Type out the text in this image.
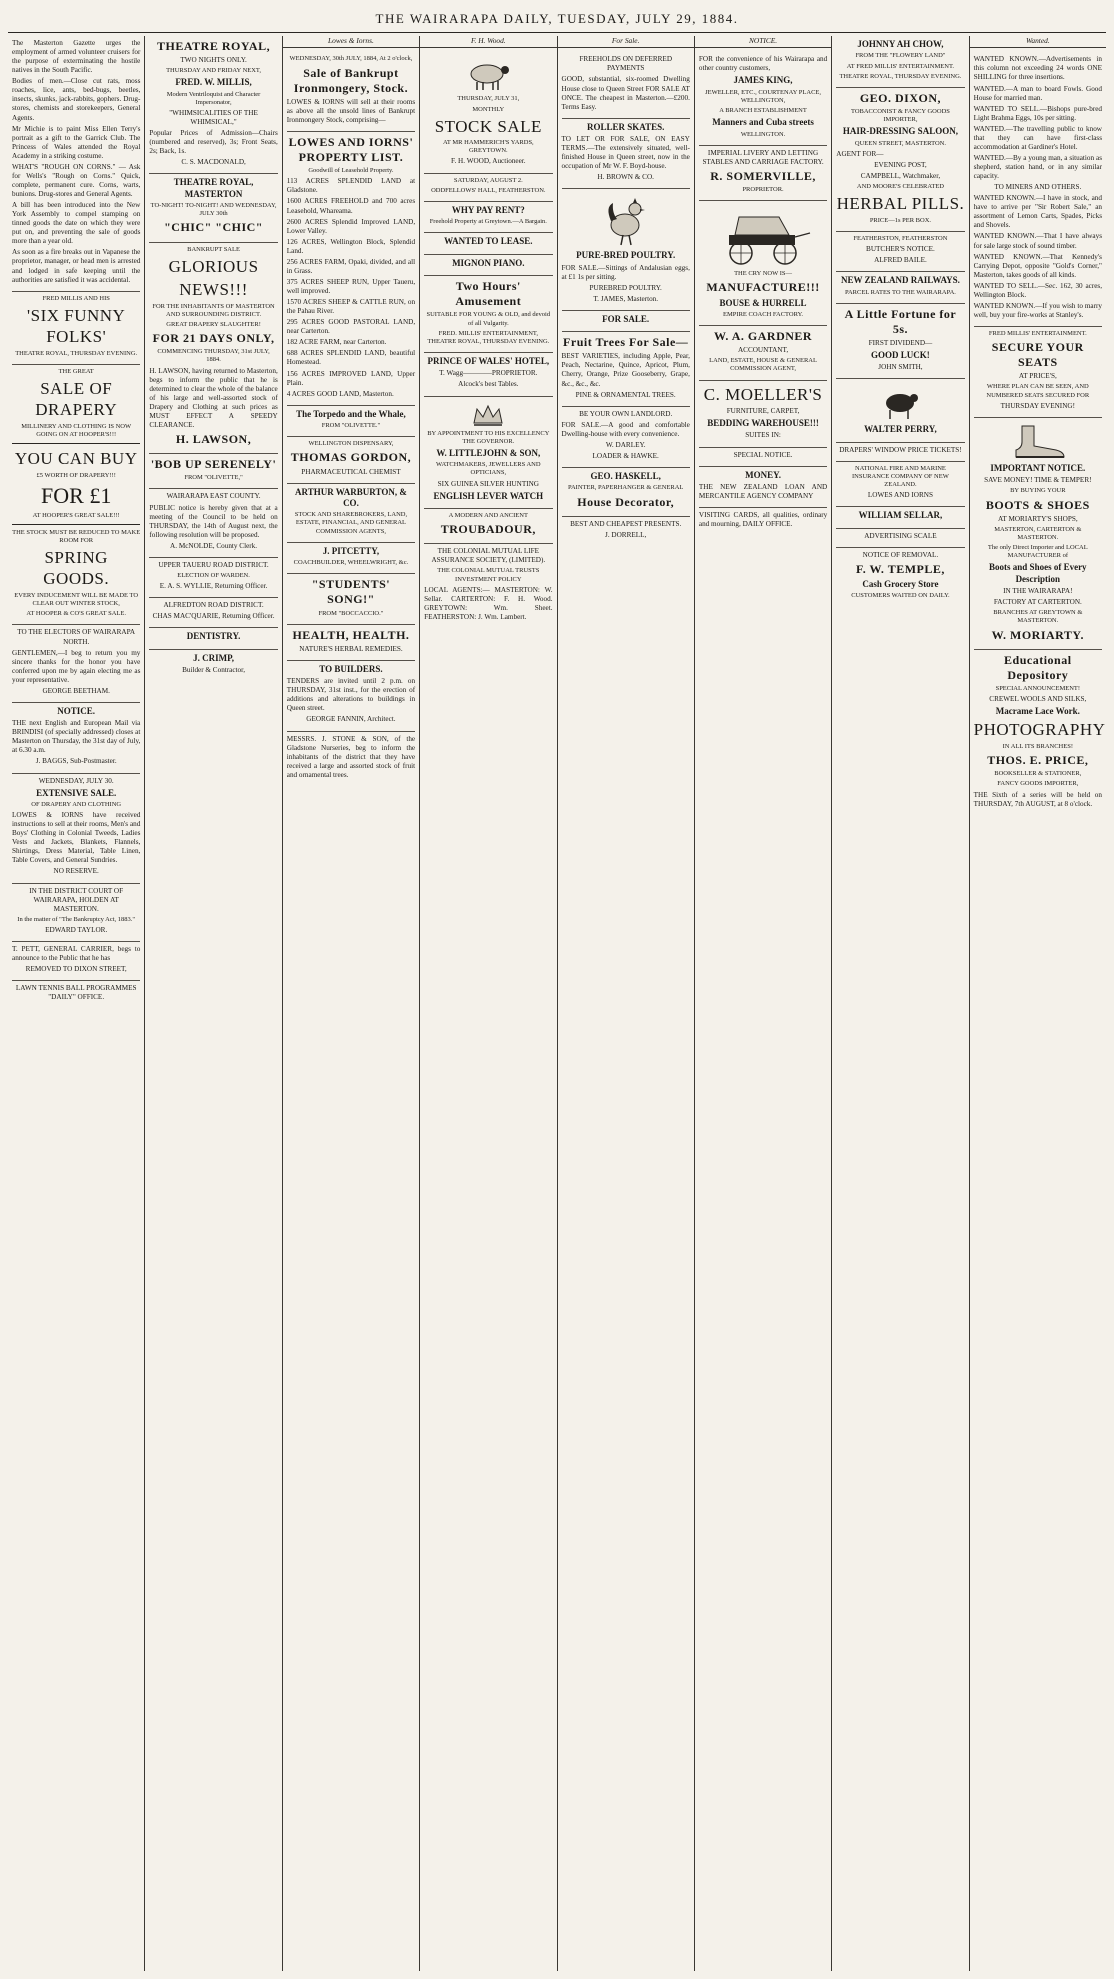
THE WAIRARAPA DAILY, TUESDAY, JULY 29, 1884.

The Masterton Gazette urges the employment of armed volunteer cruisers for the purpose of exterminating the hostile natives in the South Pacific.

Bodies of men.—Close cut rats, moss roaches, lice, ants, bed-bugs, beetles, insects, skunks, jack-rabbits, gophers. Drug-stores, chemists and storekeepers, General Agents.

Mr Michie is to paint Miss Ellen Terry's portrait as a gift to the Garrick Club. The Princess of Wales attended the Royal Academy in a striking costume.

WHAT'S "ROUGH ON CORNS." — Ask for Wells's "Rough on Corns." Quick, complete, permanent cure. Corns, warts, bunions. Drug-stores and General Agents.

A bill has been introduced into the New York Assembly to compel stamping on tinned goods the date on which they were put on, and preventing the sale of goods more than a year old.

As soon as a fire breaks out in Vapanese the proprietor, manager, or head men is arrested and lodged in safe keeping until the authorities are satisfied it was accidental.

FRED MILLIS AND HIS

'SIX FUNNY FOLKS'

THEATRE ROYAL, THURSDAY EVENING.

THE GREAT

SALE OF DRAPERY

MILLINERY AND CLOTHING IS NOW GOING ON AT HOOPER'S!!!

YOU CAN BUY

£5 WORTH OF DRAPERY!!!

FOR £1

AT HOOPER'S GREAT SALE!!!

THE STOCK MUST BE REDUCED TO MAKE ROOM FOR

SPRING GOODS.

EVERY INDUCEMENT WILL BE MADE TO CLEAR OUT WINTER STOCK,

AT HOOPER & CO'S GREAT SALE.

TO THE ELECTORS OF WAIRARAPA NORTH.

GENTLEMEN,—I beg to return you my sincere thanks for the honor you have conferred upon me by again electing me as your representative.

GEORGE BEETHAM.

NOTICE.

THE next English and European Mail via BRINDISI (of specially addressed) closes at Masterton on Thursday, the 31st day of July, at 6.30 a.m.

J. BAGGS, Sub-Postmaster.

WEDNESDAY, JULY 30.

EXTENSIVE SALE.

OF DRAPERY AND CLOTHING

LOWES & IORNS have received instructions to sell at their rooms, Men's and Boys' Clothing in Colonial Tweeds, Ladies Vests and Jackets, Blankets, Flannels, Shirtings, Dress Material, Table Linen, Table Covers, and General Sundries.

NO RESERVE.

IN THE DISTRICT COURT OF WAIRARAPA, HOLDEN AT MASTERTON.

In the matter of "The Bankruptcy Act, 1883."

EDWARD TAYLOR.

T. PETT, GENERAL CARRIER, begs to announce to the Public that he has

REMOVED TO DIXON STREET,

LAWN TENNIS BALL PROGRAMMES "DAILY" OFFICE.

THEATRE ROYAL,

TWO NIGHTS ONLY.

THURSDAY AND FRIDAY NEXT,

FRED. W. MILLIS,

Modern Ventriloquist and Character Impersonator,

"WHIMSICALITIES OF THE WHIMSICAL,"

Popular Prices of Admission—Chairs (numbered and reserved), 3s; Front Seats, 2s; Back, 1s.

C. S. MACDONALD,

THEATRE ROYAL, MASTERTON

TO-NIGHT! TO-NIGHT! AND WEDNESDAY, JULY 30th

"CHIC" "CHIC"

BANKRUPT SALE

GLORIOUS

NEWS!!!

FOR THE INHABITANTS OF MASTERTON AND SURROUNDING DISTRICT.

GREAT DRAPERY SLAUGHTER!

FOR 21 DAYS ONLY,

COMMENCING THURSDAY, 31st JULY, 1884.

H. LAWSON, having returned to Masterton, begs to inform the public that he is determined to clear the whole of the balance of his large and well-assorted stock of Drapery and Clothing at such prices as MUST EFFECT A SPEEDY CLEARANCE.

H. LAWSON,

'BOB UP SERENELY'

FROM "OLIVETTE,"

WAIRARAPA EAST COUNTY.

PUBLIC notice is hereby given that at a meeting of the Council to be held on THURSDAY, the 14th of August next, the following resolution will be proposed.

A. McNOLDE, County Clerk.

UPPER TAUERU ROAD DISTRICT.

ELECTION OF WARDEN.

E. A. S. WYLLIE, Returning Officer.

ALFREDTON ROAD DISTRICT.

CHAS MAC'QUARIE, Returning Officer.

DENTISTRY.

J. CRIMP,

Builder & Contractor,

Lowes & Iorns.

WEDNESDAY, 30th JULY, 1884, At 2 o'clock,

Sale of Bankrupt Ironmongery, Stock.

LOWES & IORNS will sell at their rooms as above all the unsold lines of Bankrupt Ironmongery Stock, comprising—

LOWES AND IORNS' PROPERTY LIST.

Goodwill of Leasehold Property.

113 ACRES SPLENDID LAND at Gladstone.

1600 ACRES FREEHOLD and 700 acres Leasehold, Whareama.

2600 ACRES Splendid Improved LAND, Lower Valley.

126 ACRES, Wellington Block, Splendid Land.

256 ACRES FARM, Opaki, divided, and all in Grass.

375 ACRES SHEEP RUN, Upper Taueru, well improved.

1570 ACRES SHEEP & CATTLE RUN, on the Pahau River.

295 ACRES GOOD PASTORAL LAND, near Carterton.

182 ACRE FARM, near Carterton.

688 ACRES SPLENDID LAND, beautiful Homestead.

156 ACRES IMPROVED LAND, Upper Plain.

4 ACRES GOOD LAND, Masterton.

The Torpedo and the Whale,

FROM "OLIVETTE."

WELLINGTON DISPENSARY,

THOMAS GORDON,

PHARMACEUTICAL CHEMIST

ARTHUR WARBURTON, & CO.

STOCK AND SHAREBROKERS, LAND, ESTATE, FINANCIAL, AND GENERAL COMMISSION AGENTS,

J. PITCETTY,

COACHBUILDER, WHEELWRIGHT, &c.

"STUDENTS' SONG!"

FROM "BOCCACCIO."

HEALTH, HEALTH.

NATURE'S HERBAL REMEDIES.

TO BUILDERS.

TENDERS are invited until 2 p.m. on THURSDAY, 31st inst., for the erection of additions and alterations to buildings in Queen street.

GEORGE FANNIN, Architect.

MESSRS. J. STONE & SON, of the Gladstone Nurseries, beg to inform the inhabitants of the district that they have received a large and assorted stock of fruit and ornamental trees.

F. H. Wood.

THURSDAY, JULY 31,

MONTHLY

STOCK SALE

AT MR HAMMERICH'S YARDS, GREYTOWN.

F. H. WOOD, Auctioneer.

SATURDAY, AUGUST 2.

ODDFELLOWS' HALL, FEATHERSTON.

WHY PAY RENT?

Freehold Property at Greytown.—A Bargain.

WANTED TO LEASE.

MIGNON PIANO.

Two Hours' Amusement

SUITABLE FOR YOUNG & OLD, and devoid of all Vulgarity.

FRED. MILLIS' ENTERTAINMENT, THEATRE ROYAL, THURSDAY EVENING.

PRINCE OF WALES' HOTEL,

T. Wagg————PROPRIETOR.

Alcock's best Tables.

BY APPOINTMENT TO HIS EXCELLENCY THE GOVERNOR.

W. LITTLEJOHN & SON,

WATCHMAKERS, JEWELLERS AND OPTICIANS,

SIX GUINEA SILVER HUNTING

ENGLISH LEVER WATCH

A MODERN AND ANCIENT

TROUBADOUR,

THE COLONIAL MUTUAL LIFE ASSURANCE SOCIETY, (LIMITED).

THE COLONIAL MUTUAL TRUSTS INVESTMENT POLICY

LOCAL AGENTS:— MASTERTON: W. Sellar. CARTERTON: F. H. Wood. GREYTOWN: Wm. Sheet. FEATHERSTON: J. Wm. Lambert.

For Sale.

FREEHOLDS ON DEFERRED PAYMENTS

GOOD, substantial, six-roomed Dwelling House close to Queen Street FOR SALE AT ONCE. The cheapest in Masterton.—£200. Terms Easy.

ROLLER SKATES.

TO LET OR FOR SALE, ON EASY TERMS.—The extensively situated, well-finished House in Queen street, now in the occupation of Mr W. F. Boyd-house.

H. BROWN & CO.

PURE-BRED POULTRY.

FOR SALE.—Sittings of Andalusian eggs, at £1 1s per sitting.

PUREBRED POULTRY.

T. JAMES, Masterton.

FOR SALE.

Fruit Trees For Sale—

BEST VARIETIES, including Apple, Pear, Peach, Nectarine, Quince, Apricot, Plum, Cherry, Orange, Prize Gooseberry, Grape, &c., &c., &c.

PINE & ORNAMENTAL TREES.

BE YOUR OWN LANDLORD.

FOR SALE.—A good and comfortable Dwelling-house with every convenience.

W. DARLEY.

LOADER & HAWKE.

GEO. HASKELL,

PAINTER, PAPERHANGER & GENERAL

House Decorator,

BEST AND CHEAPEST PRESENTS.

J. DORRELL,

NOTICE.

FOR the convenience of his Wairarapa and other country customers,

JAMES KING,

JEWELLER, ETC., COURTENAY PLACE, WELLINGTON,

A BRANCH ESTABLISHMENT

Manners and Cuba streets

WELLINGTON.

IMPERIAL LIVERY AND LETTING STABLES AND CARRIAGE FACTORY.

R. SOMERVILLE,

PROPRIETOR.

THE CRY NOW IS—

MANUFACTURE!!!

BOUSE & HURRELL

EMPIRE COACH FACTORY.

W. A. GARDNER

ACCOUNTANT,

LAND, ESTATE, HOUSE & GENERAL COMMISSION AGENT,

C. MOELLER'S

FURNITURE, CARPET,

BEDDING WAREHOUSE!!!

SUITES IN:

SPECIAL NOTICE.

MONEY.

THE NEW ZEALAND LOAN AND MERCANTILE AGENCY COMPANY

VISITING CARDS, all qualities, ordinary and mourning, DAILY OFFICE.

JOHNNY AH CHOW,

FROM THE "FLOWERY LAND"

AT FRED MILLIS' ENTERTAINMENT.

THEATRE ROYAL, THURSDAY EVENING.

GEO. DIXON,

TOBACCONIST & FANCY GOODS IMPORTER,

HAIR-DRESSING SALOON,

QUEEN STREET, MASTERTON.

AGENT FOR—

EVENING POST,

CAMPBELL, Watchmaker,

AND MOORE'S CELEBRATED

HERBAL PILLS.

PRICE—1s PER BOX.

FEATHERSTON, FEATHERSTON

BUTCHER'S NOTICE.

ALFRED BAILE.

NEW ZEALAND RAILWAYS.

PARCEL RATES TO THE WAIRARAPA.

A Little Fortune for 5s.

FIRST DIVIDEND—

GOOD LUCK!

JOHN SMITH,

WALTER PERRY,

DRAPERS' WINDOW PRICE TICKETS!

NATIONAL FIRE AND MARINE INSURANCE COMPANY OF NEW ZEALAND.

LOWES AND IORNS

WILLIAM SELLAR,

ADVERTISING SCALE

NOTICE OF REMOVAL.

F. W. TEMPLE,

Cash Grocery Store

CUSTOMERS WAITED ON DAILY.

Wanted.

WANTED KNOWN.—Advertisements in this column not exceeding 24 words ONE SHILLING for three insertions.

WANTED.—A man to board Fowls. Good House for married man.

WANTED TO SELL.—Bishops pure-bred Light Brahma Eggs, 10s per sitting.

WANTED.—The travelling public to know that they can have first-class accommodation at Gardiner's Hotel.

WANTED.—By a young man, a situation as shepherd, station hand, or in any similar capacity.

TO MINERS AND OTHERS.

WANTED KNOWN.—I have in stock, and have to arrive per "Sir Robert Sale," an assortment of Lemon Carts, Spades, Picks and Shovels.

WANTED KNOWN.—That I have always for sale large stock of sound timber.

WANTED KNOWN.—That Kennedy's Carrying Depot, opposite "Gold's Corner," Masterton, takes goods of all kinds.

WANTED TO SELL.—Sec. 162, 30 acres, Wellington Block.

WANTED KNOWN.—If you wish to marry well, buy your fire-works at Stanley's.

FRED MILLIS' ENTERTAINMENT.

SECURE YOUR SEATS

AT PRICE'S,

WHERE PLAN CAN BE SEEN, AND NUMBERED SEATS SECURED FOR

THURSDAY EVENING!

IMPORTANT NOTICE.

SAVE MONEY! TIME & TEMPER!

BY BUYING YOUR

BOOTS & SHOES

AT MORIARTY'S SHOPS,

MASTERTON, CARTERTON & MASTERTON.

The only Direct Importer and LOCAL MANUFACTURER of

Boots and Shoes of Every Description

IN THE WAIRARAPA!

FACTORY AT CARTERTON.

BRANCHES AT GREYTOWN & MASTERTON.

W. MORIARTY.

Educational Depository

SPECIAL ANNOUNCEMENT!

CREWEL WOOLS AND SILKS,

Macrame Lace Work.

PHOTOGRAPHY

IN ALL ITS BRANCHES!

THOS. E. PRICE,

BOOKSELLER & STATIONER,

FANCY GOODS IMPORTER,

THE Sixth of a series will be held on THURSDAY, 7th AUGUST, at 8 o'clock.
